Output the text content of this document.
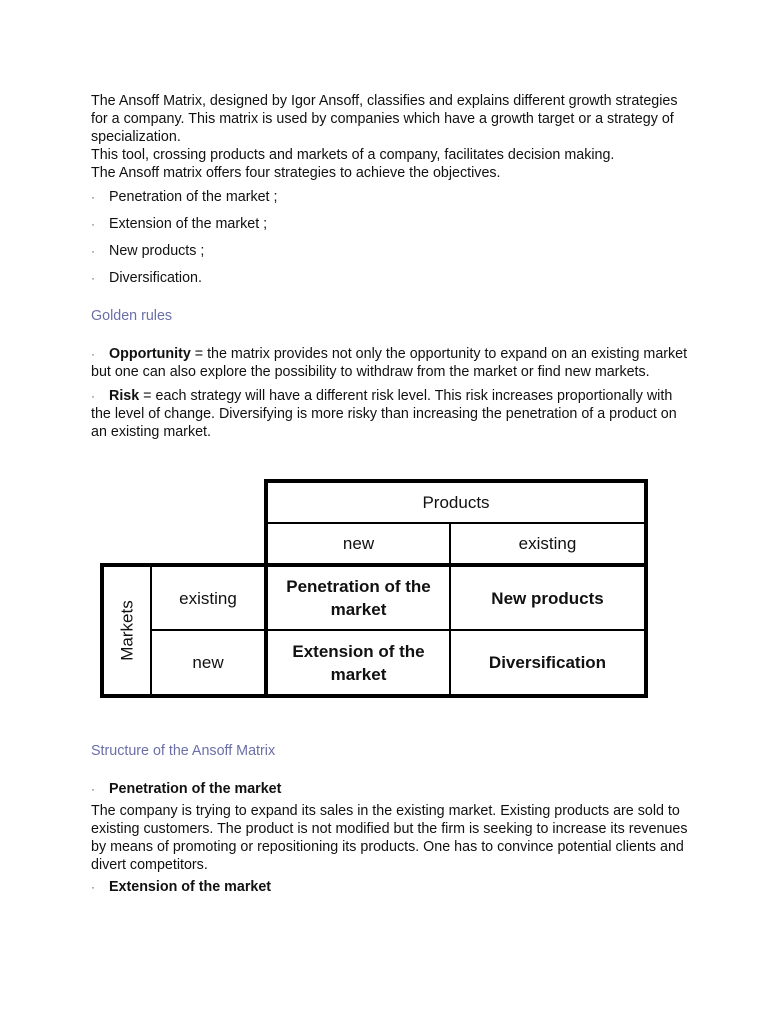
The Ansoff Matrix, designed by Igor Ansoff, classifies and explains different growth strategies for a company. This matrix is used by companies which have a growth target or a strategy of specialization.

This tool, crossing products and markets of a company, facilitates decision making.

The Ansoff matrix offers four strategies to achieve the objectives.

· Penetration of the market ;
· Extension of the market ;
· New products ;
· Diversification.
Golden rules

· Opportunity = the matrix provides not only the opportunity to expand on an existing market but one can also explore the possibility to withdraw from the market or find new markets.

· Risk = each strategy will have a different risk level. This risk increases proportionally with the level of change. Diversifying is more risky than increasing the penetration of a product on an existing market.

Products
new	existing
Markets
existing
new
Penetration of the market
New products
Extension of the market
Diversification
Structure of the Ansoff Matrix

· Penetration of the market

The company is trying to expand its sales in the existing market. Existing products are sold to existing customers. The product is not modified but the firm is seeking to increase its revenues by means of promoting or repositioning its products. One has to convince potential clients and divert competitors.

· Extension of the market
